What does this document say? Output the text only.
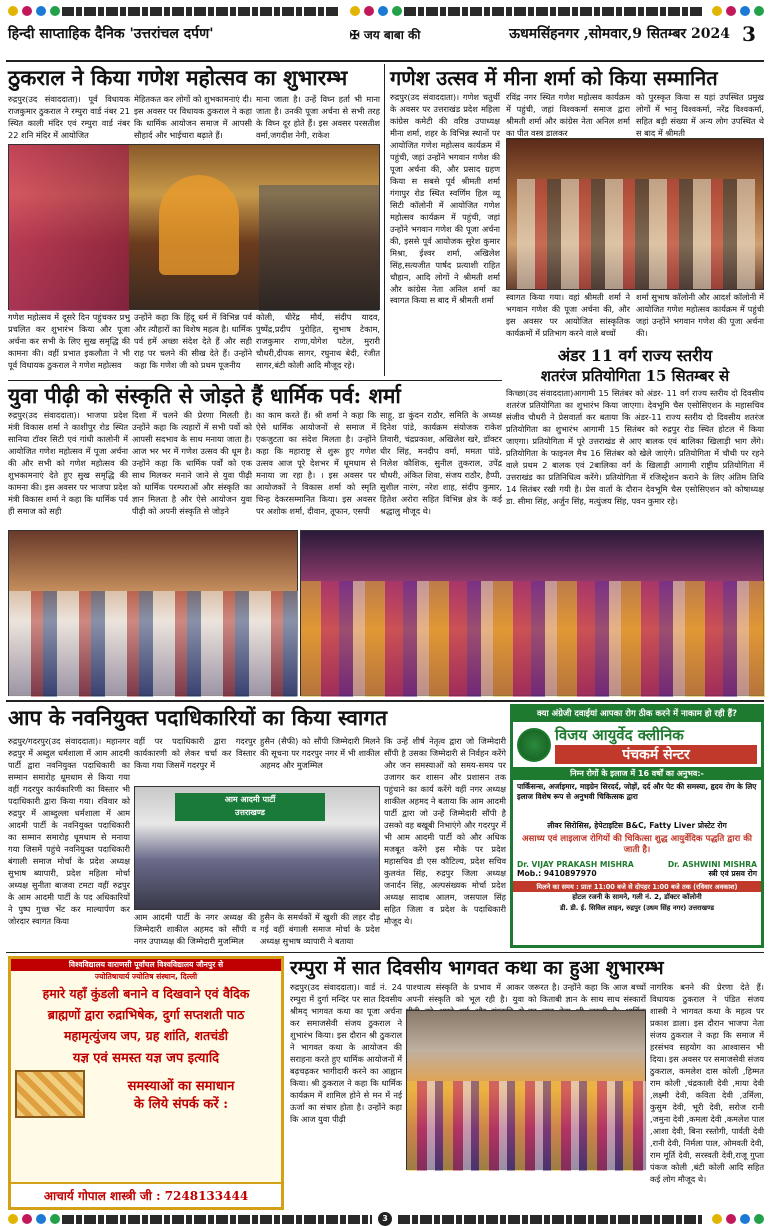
हिन्दी साप्ताहिक दैनिक 'उत्तरांचल दर्पण'	✠ जय बाबा की	ऊधमसिंहनगर ,सोमवार,9 सितम्बर 2024 3
ठुकराल ने किया गणेश महोत्सव का शुभारम्भ
रुद्रपुर(उद संवाददाता)। पूर्व विधायक राजकुमार ठुकराल ने रम्पुरा वार्ड नंबर 21 स्थित काली मंदिर एवं रम्पुरा वार्ड नंबर 22 शनि मंदिर में आयोजित
मेहितकत कर लोगों को शुभकामनाएं दी। इस अवसर पर विधायक ठुकराल ने कहा कि धार्मिक आयोजन समाज में आपसी सौहार्द और भाईचारा बढ़ाते हैं।
माना जाता है। उन्हें विघ्न हर्ता भी माना जाता है। उनकी पूजा अर्चना से सभी तरह के विघ्न दूर होते हैं। इस अवसर परसतीश वर्मा,जगदीश नेगी, राकेश
गणेश महोत्सव में दूसरे दिन पहुंचकर प्रभु प्रचलित कर शुभारंभ किया और पूजा अर्चना कर सभी के लिए सुख समृद्धि की कामना की। वहीं प्रभात इकलौता ने भी पूर्व विधायक ठुकराल ने गणेश महोत्सव
उन्होंने कहा कि हिंदू धर्म में विभिन्न पर्व और त्यौहारों का विशेष महत्व है। धार्मिक पर्व हमें अच्छा संदेश देते हैं और सही राह पर चलने की सीख देते हैं। उन्होंने कहा कि गणेश जी को प्रथम पूजनीय
कोली, धीरेंद्र मौर्य, संदीप यादव, पुष्पेंद्र,प्रदीप पुरोहित, सुभाष टेकाम, राजकुमार राणा,योगेश पटेल, मुरारी चौधरी,दीपक सागर, रघुनाथ बेदी, रंजीत सागर,बंटी कोली आदि मौजूद रहे।
गणेश उत्सव में मीना शर्मा को किया सम्मानित
रुद्रपुर(उद संवाददाता)। गणेश चतुर्थी के अवसर पर उत्तराखंड प्रदेश महिला कांग्रेस कमेटी की वरिष्ठ उपाध्यक्ष मीना शर्मा, शहर के विभिन्न स्थानों पर आयोजित गणेश महोत्सव कार्यक्रम में पहुंची, जहां उन्होंने भगवान गणेश की पूजा अर्चना की, और प्रसाद ग्रहण किया स सबसे पूर्व श्रीमती शर्मा गंगापुर रोड स्थित स्वर्णिम हिल व्यू सिटी कॉलोनी में आयोजित गणेश महोत्सव कार्यक्रम में पहुंची, जहां उन्होंने भगवान गणेश की पूजा अर्चना की, इससे पूर्व आयोजक सुरेश कुमार मिश्रा, ईश्वर शर्मा, अखिलेश सिंह,सत्यजीत पार्षद प्रत्याशी राहित चौहान, आदि लोगों ने श्रीमती शर्मा और कांग्रेस नेता अनिल शर्मा का स्वागत किया स बाद में श्रीमती शर्मा
रविंद्र नगर स्थित गणेश महोत्सव कार्यक्रम में पहुंची, जहां विश्वकर्मा समाज द्वारा श्रीमती शर्मा और कांग्रेस नेता अनिल शर्मा का पीत वस्त्र डालकर
को पुरस्कृत किया स यहां उपस्थित प्रमुख लोगों में भानु विश्वकर्मा, नरेंद्र विश्वकर्मा, सहित बड़ी संख्या में अन्य लोग उपस्थित थे स बाद में श्रीमती
स्वागत किया गया। वहां श्रीमती शर्मा ने भगवान गणेश की पूजा अर्चना की, और इस अवसर पर आयोजित सांस्कृतिक कार्यक्रमों में प्रतिभाग करने वाले बच्चों
शर्मा सुभाष कॉलोनी और आदर्श कॉलोनी में आयोजित गणेश महोत्सव कार्यक्रम में पहुंची जहां उन्होंने भगवान गणेश की पूजा अर्चना की।
अंडर 11 वर्ग राज्य स्तरीय
शतरंज प्रतियोगिता 15 सितम्बर से
युवा पीढ़ी को संस्कृति से जोड़ते हैं धार्मिक पर्व: शर्मा	किच्छा(उद संवाददाता)आगामी 15 सितंबर को अंडर- 11 वर्ग राज्य स्तरीय दो दिवसीय शतरंज प्रतियोगिता का शुभारंभ किया जाएगा। देवभूमि चैस एसोसिएशन के महासचिव संजीव चौधरी ने प्रेसवार्ता कर बताया कि अंडर-11 राज्य स्तरीय दो दिवसीय शतरंज प्रतियोगिता का शुभारंभ आगामी 15 सितंबर को रुद्रपुर रोड स्थित होटल में किया जाएगा। प्रतियोगिता में पूरे उत्तराखंड से आए बालक एवं बालिका खिलाड़ी भाग लेंगे। प्रतियोगिता के फाइनल मैच 16 सितंबर को खेले जाएंगे। प्रतियोगिता में चौथी पर रहने वाले प्रथम 2 बालक एवं 2बालिका वर्ग के खिलाड़ी आगामी राष्ट्रीय प्रतियोगिता में उत्तराखंड का प्रतिनिधित्व करेंगे। प्रतियोगिता में रजिस्ट्रेशन कराने के लिए अंतिम तिथि 14 सितंबर रखी गयी है। प्रेस वार्ता के दौरान देवभूमि चैस एसोसिएशन को कोषाध्यक्ष डा. सीमा सिंह, अर्जुन सिंह, मत्युंजय सिंह, पवन कुमार रहे।
रुद्रपुर(उद संवाददाता)। भाजपा प्रदेश मंत्री विकास शर्मा ने काशीपुर रोड स्थित सानिया टॉवर सिटी एवं गांधी कालोनी में आयोजित गणेश महोत्सव में पूजा अर्चना की और सभी को गणेश महोत्सव की शुभकामनाएं देते हुए सुख समृद्धि की कामना की। इस अवसर पर भाजपा प्रदेश मंत्री विकास शर्मा ने कहा कि धार्मिक पर्व ही समाज को सही
दिशा में चलने की प्रेरणा मिलती है। उन्होंने कहा कि त्यहारों में सभी पर्वो को आपसी सदभाव के साथ मनाया जाता है। आज भर भर में गणेश उत्सव की धूम है। उन्होंने कहा कि धार्मिक पर्वों को एक साथ मिलकर मनाने जाने से युवा पीढ़ी को धार्मिक परम्पराओं और संस्कृति का ज्ञान मिलता है और ऐसे आयोजन युवा पीढ़ी को अपनी संस्कृति से जोड़ने
का काम करते हैं। श्री शर्मा ने कहा कि ऐसे धार्मिक आयोजनों से समाज में एकजुटता का संदेश मिलता है। उन्होंने कहा कि महाराष्ट्र से शुरू हुए गणेश उत्सव आज पूरे देशभर में धूमधाम से मनाया जा रहा है। । इस अवसर पर आयोजकों ने विकास शर्मा को स्मृति चिन्ह देकरसम्मानित किया। इस अवसर पर अशोक शर्मा, दीवान, तूफान, एसपी
साहू, डा कुंदन राठौर, समिति के अध्यक्ष दिनेश पांडे, कार्यक्रम संयोजक राकेश तिवारी, चंद्रप्रकाश, अखिलेश खरे, डॉक्टर धीर सिंह, मनदीप वर्मा, ममता पांडे, निलेश कौशिक, सुनील तुकराल, उपेंद्र चौधरी, अंकित शिवा, संजय राठौर, हैप्पी, सुशील नारंग, नरेश शाह, संदीप कुमार, हितेश अरोरा सहित विभिन्न क्षेत्र के कई श्रद्धालु मौजूद थे।
आप के नवनियुक्त पदाधिकारियों का किया स्वागत
रुद्रपुर/गदरपुर(उद संवाददाता)। महानगर रुद्रपुर में अब्दुल धर्मशाला में आम आदमी पार्टी द्वारा नवनियुक्त पदाधिकारी का सम्मान समारोह धूमधाम से किया गया वहीं गदरपुर कार्यकारिणी का विस्तार भी पदाधिकारी द्वारा किया गया। रविवार को रुद्रपुर में आब्दुल्ला धर्मशाला में आम आदमी पार्टी के नवनियुक्त पदाधिकारी का सम्मान समारोह धूमधाम से मनाया गया जिसमें पहुंचे नवनियुक्त पदाधिकारी बंगाली समाज मोर्चा के प्रदेश अध्यक्ष सुभाष ब्यापारी, प्रदेश महिला मोर्चा अध्यक्ष सुनीता बाजवा टमटा वहीं रुद्रपुर के आम आदमी पार्टी के पद अधिकारियों ने पुष्प गुच्छ भेंट कर माल्यार्पण कर जोरदार स्वागत किया
वहीं पर पदाधिकारी द्वारा गदरपुर कार्यकारणी को लेकर चर्चा कर विस्तार किया गया जिसमें गदरपुर में
हुसैन (सैफी) को सौंपी जिम्मेदारी मिलने की सूचना पर गदरपुर नगर में भी शाकील अहमद और मुजम्मिल
आम आदमी पार्टी
उत्तराखण्ड
आम आदमी पार्टी के नगर अध्यक्ष की जिम्मेदारी शाकील अहमद को सौंपी व नगर उपाध्यक्ष की जिम्मेदारी मुजम्मिल
हुसैन के समर्थकों में खुशी की लहर दौड़ गई वहीं बंगाली समाज मोर्चा के प्रदेश अध्यक्ष सुभाष व्यापारी ने बताया
कि उन्हें शीर्ष नेतृत्व द्वारा जो जिम्मेदारी सौंपी है उसका जिम्मेदारी से निर्वहन करेंगे और जन समस्याओं को समय-समय पर उजागर कर शासन और प्रशासन तक पहुंचाने का कार्य करेंगे वहीं नगर अध्यक्ष शाकील अहमद ने बताया कि आम आदमी पार्टी द्वारा जो उन्हें जिम्मेदारी सौंपी है उसको वह बखूबी निभाएंगे और गदरपुर में भी आम आदमी पार्टी को और अधिक मजबूत करेंगे इस मौके पर प्रदेश महासचिव डी एस कौटिल्य, प्रदेश सचिव कुलवंत सिंह, रुद्रपुर जिला अध्यक्ष जनार्दन सिंह, अल्पसंख्यक मोर्चा प्रदेश अध्यक्ष सादाब आलम, जसपाल सिंह सहित जिला व प्रदेश के पदाधिकारी मौजूद थे।
क्या अंग्रेजी दवाईयां आपका रोग ठीक करने में नाकाम हो रही हैं?
विजय आयुर्वेद क्लीनिक
पंचकर्म सेन्टर
निम्न रोगों के इलाज में 16 वर्षों का अनुभव:-
पार्किंसन्स, अर्जाइमार, माइग्रेन सिरदर्द, जोड़ों, दर्द और पेट की समस्या, हृदय रोग के लिए इलाज विशेष रूप से अनुभवी चिकित्सक द्वारा
लीवर सिरोसिस, हेपेटाइटिस B&C, Fatty Liver प्रोस्टेट रोग
असाध्य एवं लाइलाज रोगियों की चिकित्सा शुद्ध आयुर्वेदिक पद्धति द्वारा की जाती है।
Dr. VIJAY PRAKASH MISHRA
Mob.: 9410897970
Dr. ASHWINI MISHRA
स्त्री एवं प्रसव रोग
मिलने का समय : प्रातः 11:00 बजे से दोपहर 1:00 बजे तक (रविवार अवकाश)
होटल रजनी के सामने, गली नं. 2, डॉक्टर कॉलोनी
डी. डी. ई. सिविल लाइन, रुद्रपुर (उधम सिंह नगर) उत्तराखण्ड
विश्वविद्यालय वाराणसी पूर्वांचल विश्वविद्यालय जौनपुर से
ज्योतिषाचार्य ज्योतिष संस्थान, दिल्ली
हमारे यहाँ कुंडली बनाने व दिखवाने एवं वैदिक
ब्राह्मणों द्वारा रुद्राभिषेक, दुर्गा सप्तशती पाठ
महामृत्युंजय जप, ग्रह शांति, शतचंडी
यज्ञ एवं समस्त यज्ञ जप इत्यादि
समस्याओं का समाधान
के लिये संपर्क करें :
आचार्य गोपाल शास्त्री जी : 7248133444
रम्पुरा में सात दिवसीय भागवत कथा का हुआ शुभारम्भ
रुद्रपुर(उद संवाददाता)। वार्ड नं. 24 रम्पुरा में दुर्गा मन्दिर पर सात दिवसीय श्रीमद् भागवत कथा का पूजा अर्चना कर समाजसेवी संजय ठुकराल ने शुभारंभ किया। इस दौरान श्री ठुकराल ने भागवत कथा के आयोजन की सराहना करते हुए धार्मिक आयोजनों में बढ़चढ़कर भागीदारी करने का आह्वान किया। श्री ठुकराल ने कहा कि धार्मिक कार्यक्रम में शामिल होने से मन में नई ऊर्जा का संचार होता है। उन्होंने कहा कि आज युवा पीढ़ी
पाश्चात्य संस्कृति के प्रभाव में आकर अपनी संस्कृति को भूल रही है। युवा
जरूरत है। उन्होंने कहा कि आज बच्चों को किताबी ज्ञान के साथ साथ संस्कारों
नागरिक बनने की प्रेरणा देते हैं। विधायक ठुकराल ने पंडित संजय शास्त्री ने भागवत कथा के महत्व पर प्रकाश डाला। इस दौरान भाजपा नेता संजय ठुकराल ने कहा कि समाज में हरसंभव सहयोग का आश्वासन भी दिया। इस अवसर पर समाजसेवी संजय ठुकराल, कमलेश दास कोली ,हिम्मत राम कोली ,चंद्रकाली देवी ,माया देवी ,लक्ष्मी देवी, कविता देवी ,उर्मिला, कुसुम देवी, भूरी देवी, सरोज रानी ,जमुना देवी ,कमला देवी ,कमलेश पाल ,आशा देवी, बिना रस्तोगी, पार्वती देवी ,रानी देवी, निर्मला पाल, ओमवती देवी, राम मूर्ति देवी, सरस्वती देवी,राजू गुप्ता पंकज कोली ,बंटी कोली आदि सहित कई लोग मौजूद थे।
3
